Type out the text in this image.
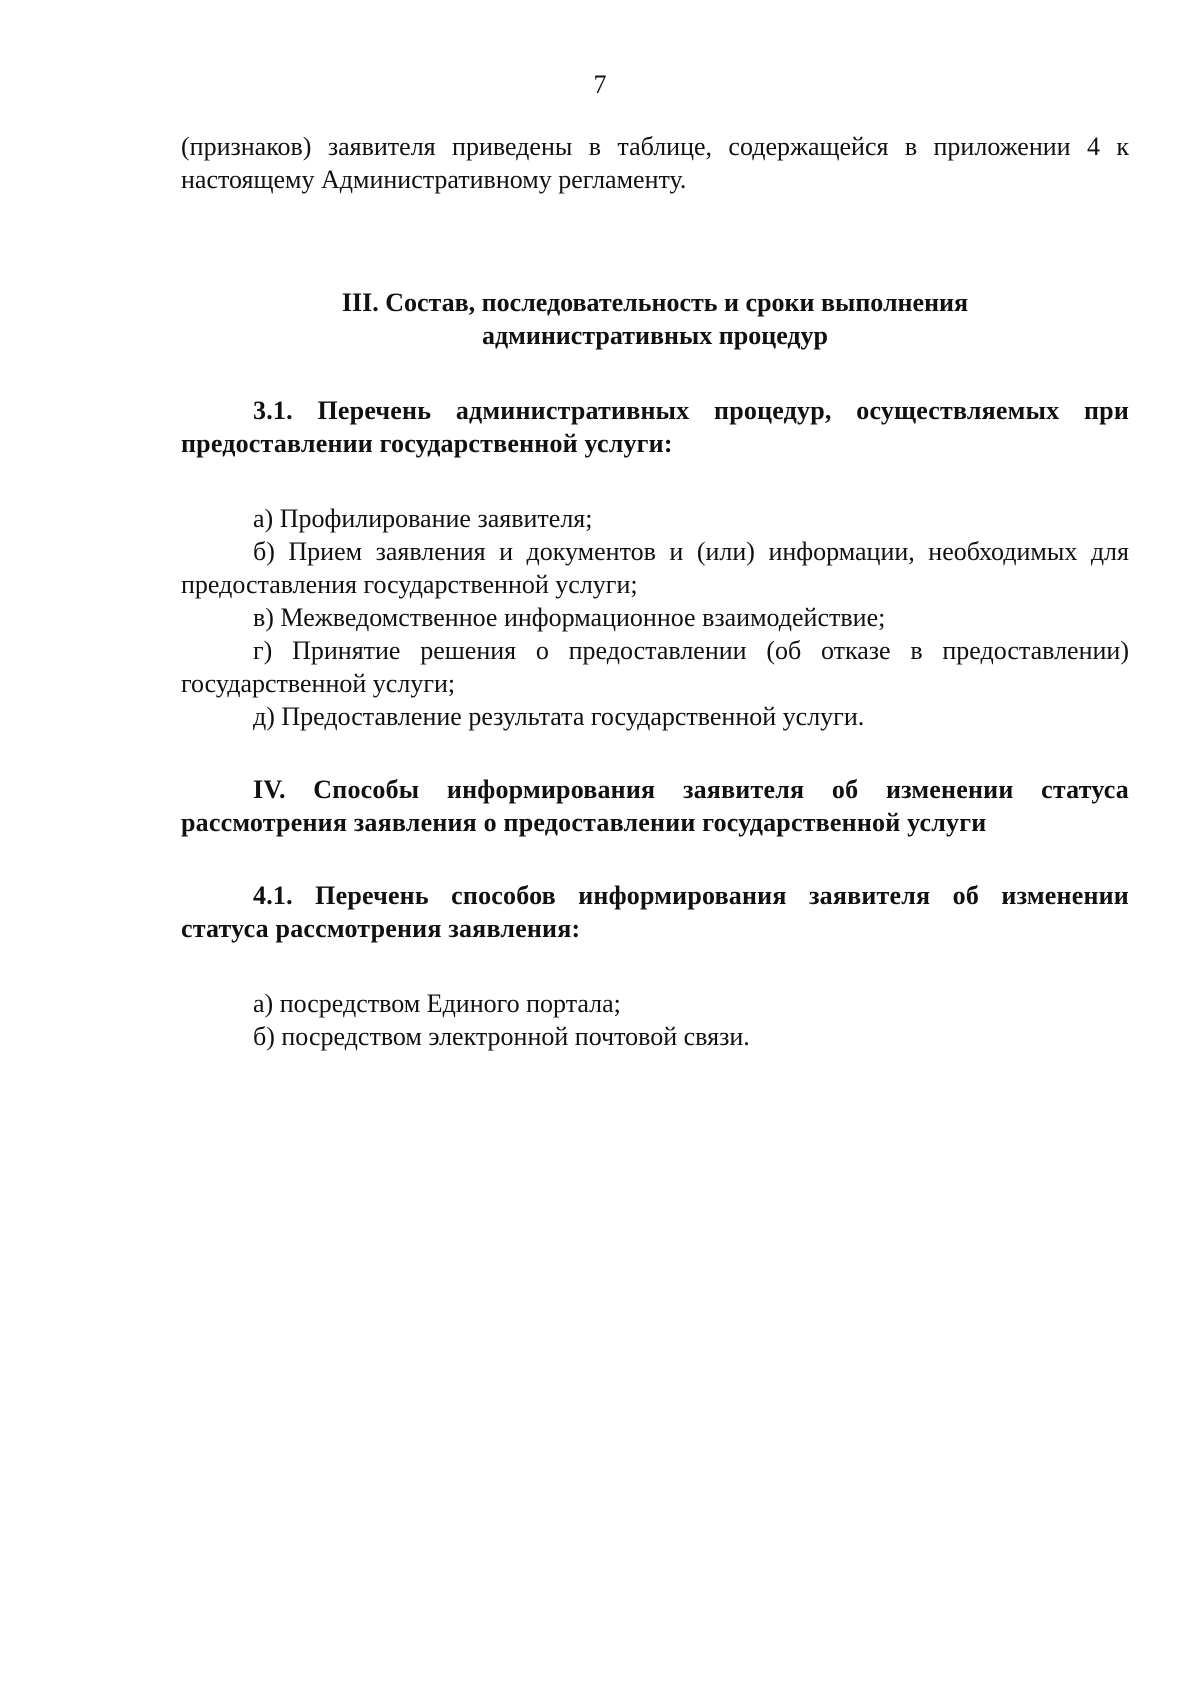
7

(признаков) заявителя приведены в таблице, содержащейся в приложении 4 к настоящему Административному регламенту.

III. Состав, последовательность и сроки выполнения
административных процедур

3.1. Перечень административных процедур, осуществляемых при предоставлении государственной услуги:

а) Профилирование заявителя;

б) Прием заявления и документов и (или) информации, необходимых для предоставления государственной услуги;

в) Межведомственное информационное взаимодействие;

г) Принятие решения о предоставлении (об отказе в предоставлении) государственной услуги;

д) Предоставление результата государственной услуги.

IV. Способы информирования заявителя об изменении статуса рассмотрения заявления о предоставлении государственной услуги

4.1. Перечень способов информирования заявителя об изменении статуса рассмотрения заявления:

а) посредством Единого портала;

б) посредством электронной почтовой связи.
